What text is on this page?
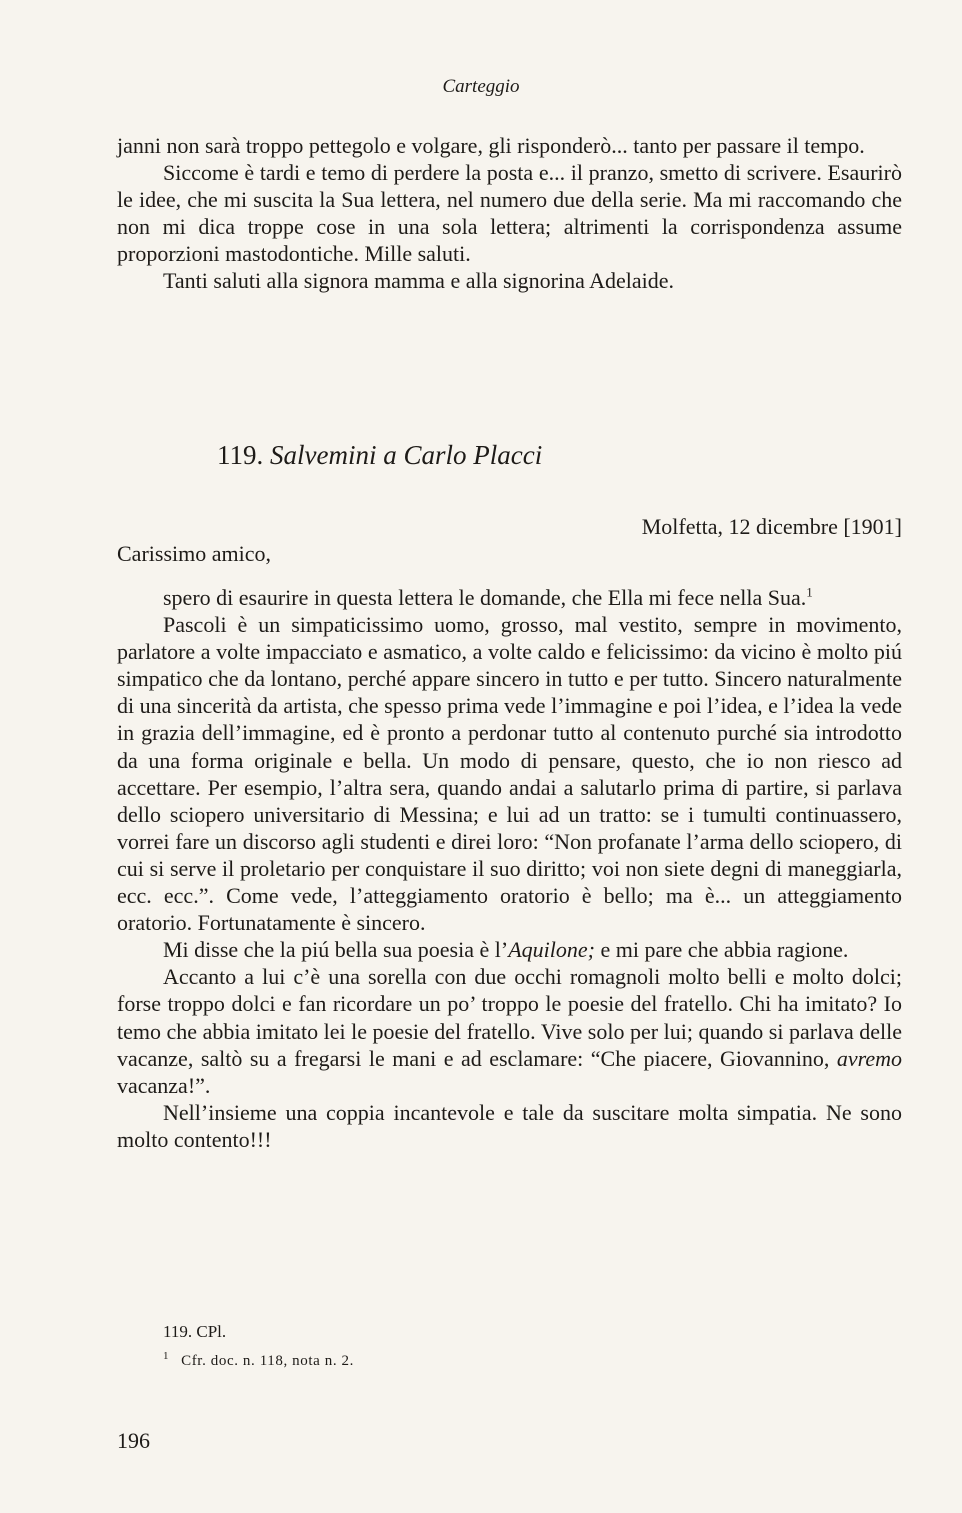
Carteggio

janni non sarà troppo pettegolo e volgare, gli risponderò... tanto per passare il tempo.

Siccome è tardi e temo di perdere la posta e... il pranzo, smetto di scrivere. Esaurirò le idee, che mi suscita la Sua lettera, nel numero due della serie. Ma mi raccomando che non mi dica troppe cose in una sola lettera; altrimenti la corrispondenza assume proporzioni mastodontiche. Mille saluti.

Tanti saluti alla signora mamma e alla signorina Adelaide.

119. Salvemini a Carlo Placci
Molfetta, 12 dicembre [1901]
Carissimo amico,

spero di esaurire in questa lettera le domande, che Ella mi fece nella Sua.$^1$

Pascoli è un simpaticissimo uomo, grosso, mal vestito, sempre in movimento, parlatore a volte impacciato e asmatico, a volte caldo e felicissimo: da vicino è molto piú simpatico che da lontano, perché appare sincero in tutto e per tutto. Sincero naturalmente di una sincerità da artista, che spesso prima vede l’immagine e poi l’idea, e l’idea la vede in grazia dell’immagine, ed è pronto a perdonar tutto al contenuto purché sia introdotto da una forma originale e bella. Un modo di pensare, questo, che io non riesco ad accettare. Per esempio, l’altra sera, quando andai a salutarlo prima di partire, si parlava dello sciopero universitario di Messina; e lui ad un tratto: se i tumulti continuassero, vorrei fare un discorso agli studenti e direi loro: “Non profanate l’arma dello sciopero, di cui si serve il proletario per conquistare il suo diritto; voi non siete degni di maneggiarla, ecc. ecc.”. Come vede, l’atteggiamento oratorio è bello; ma è... un atteggiamento oratorio. Fortunatamente è sincero.

Mi disse che la piú bella sua poesia è l’Aquilone; e mi pare che abbia ragione.

Accanto a lui c’è una sorella con due occhi romagnoli molto belli e molto dolci; forse troppo dolci e fan ricordare un po’ troppo le poesie del fratello. Chi ha imitato? Io temo che abbia imitato lei le poesie del fratello. Vive solo per lui; quando si parlava delle vacanze, saltò su a fregarsi le mani e ad esclamare: “Che piacere, Giovannino, avremo vacanza!”.

Nell’insieme una coppia incantevole e tale da suscitare molta simpatia. Ne sono molto contento!!!

119. CPl.
$^1$ Cfr. doc. n. 118, nota n. 2.
196
